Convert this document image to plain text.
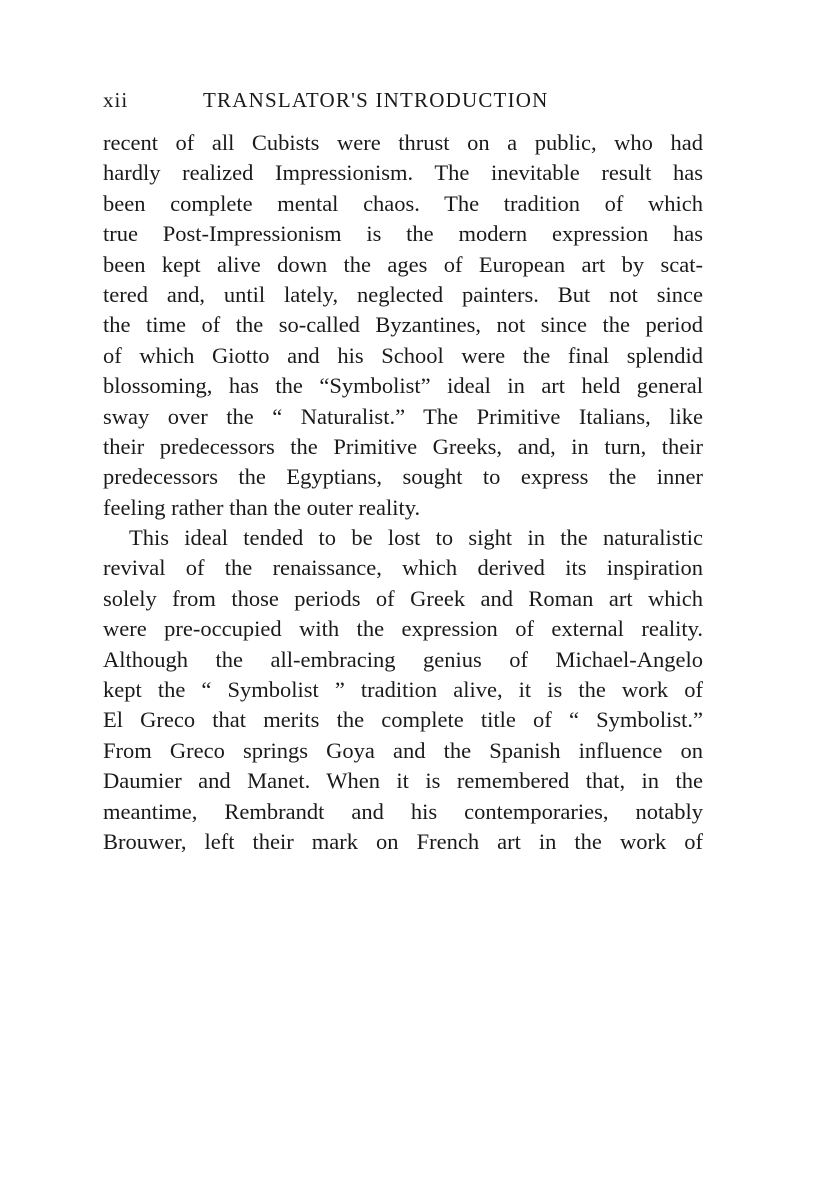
xii	TRANSLATOR'S INTRODUCTION
recent of all Cubists were thrust on a public, who had
hardly realized Impressionism. The inevitable result has
been complete mental chaos. The tradition of which
true Post-Impressionism is the modern expression has
been kept alive down the ages of European art by scat-
tered and, until lately, neglected painters. But not since
the time of the so-called Byzantines, not since the period
of which Giotto and his School were the final splendid
blossoming, has the “Symbolist” ideal in art held general
sway over the “ Naturalist.” The Primitive Italians, like
their predecessors the Primitive Greeks, and, in turn, their
predecessors the Egyptians, sought to express the inner
feeling rather than the outer reality.
This ideal tended to be lost to sight in the naturalistic
revival of the renaissance, which derived its inspiration
solely from those periods of Greek and Roman art which
were pre-occupied with the expression of external reality.
Although the all-embracing genius of Michael-Angelo
kept the “ Symbolist ” tradition alive, it is the work of
El Greco that merits the complete title of “ Symbolist.”
From Greco springs Goya and the Spanish influence on
Daumier and Manet. When it is remembered that, in the
meantime, Rembrandt and his contemporaries, notably
Brouwer, left their mark on French art in the work of
